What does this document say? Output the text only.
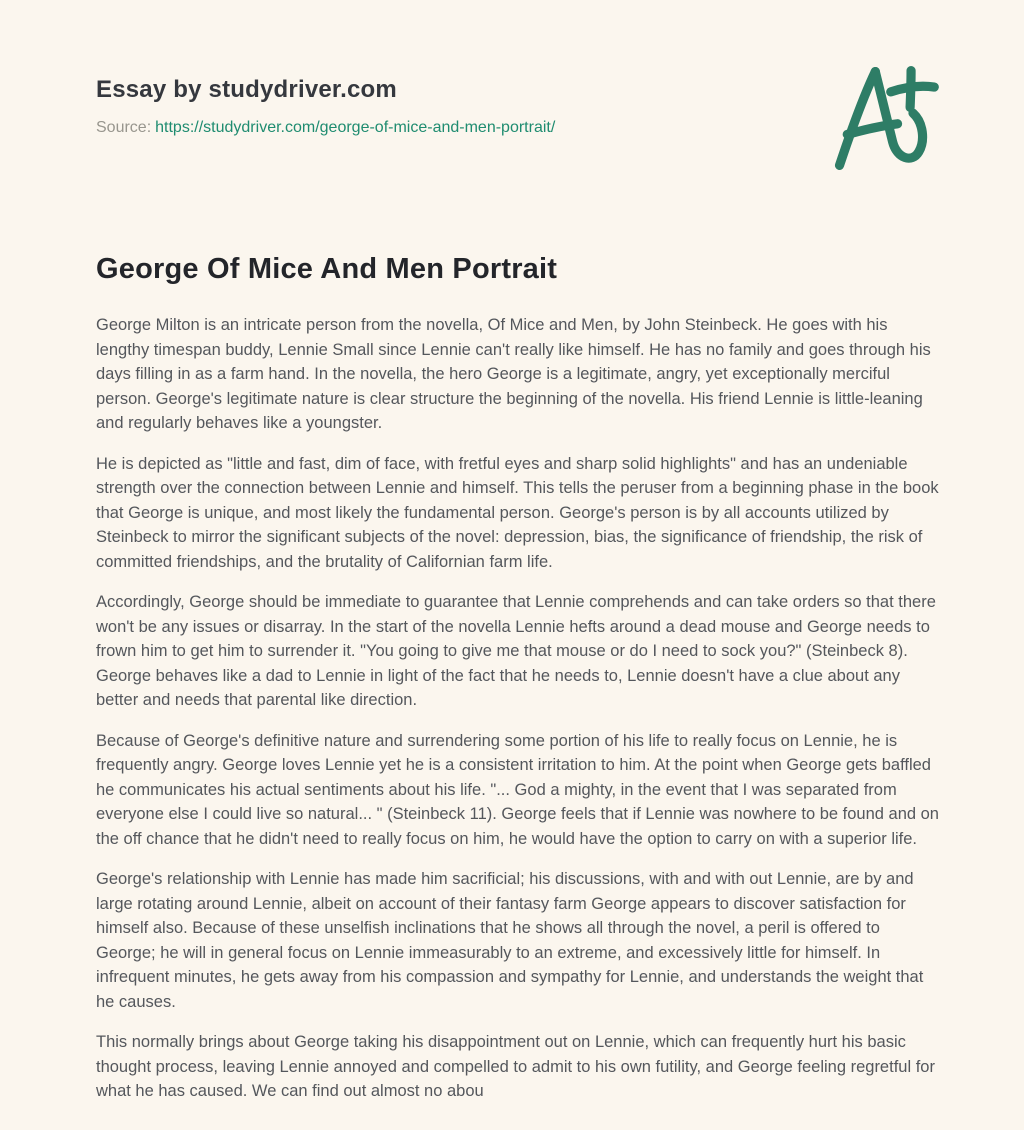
Essay by studydriver.com

Source: https://studydriver.com/george-of-mice-and-men-portrait/

George Of Mice And Men Portrait

George Milton is an intricate person from the novella, Of Mice and Men, by John Steinbeck. He goes with his lengthy timespan buddy, Lennie Small since Lennie can't really like himself. He has no family and goes through his days filling in as a farm hand. In the novella, the hero George is a legitimate, angry, yet exceptionally merciful person. George's legitimate nature is clear structure the beginning of the novella. His friend Lennie is little-leaning and regularly behaves like a youngster.

He is depicted as "little and fast, dim of face, with fretful eyes and sharp solid highlights" and has an undeniable strength over the connection between Lennie and himself. This tells the peruser from a beginning phase in the book that George is unique, and most likely the fundamental person. George's person is by all accounts utilized by Steinbeck to mirror the significant subjects of the novel: depression, bias, the significance of friendship, the risk of committed friendships, and the brutality of Californian farm life.

Accordingly, George should be immediate to guarantee that Lennie comprehends and can take orders so that there won't be any issues or disarray. In the start of the novella Lennie hefts around a dead mouse and George needs to frown him to get him to surrender it. "You going to give me that mouse or do I need to sock you?" (Steinbeck 8). George behaves like a dad to Lennie in light of the fact that he needs to, Lennie doesn't have a clue about any better and needs that parental like direction.

Because of George's definitive nature and surrendering some portion of his life to really focus on Lennie, he is frequently angry. George loves Lennie yet he is a consistent irritation to him. At the point when George gets baffled he communicates his actual sentiments about his life. "... God a mighty, in the event that I was separated from everyone else I could live so natural... " (Steinbeck 11). George feels that if Lennie was nowhere to be found and on the off chance that he didn't need to really focus on him, he would have the option to carry on with a superior life.

George's relationship with Lennie has made him sacrificial; his discussions, with and with out Lennie, are by and large rotating around Lennie, albeit on account of their fantasy farm George appears to discover satisfaction for himself also. Because of these unselfish inclinations that he shows all through the novel, a peril is offered to George; he will in general focus on Lennie immeasurably to an extreme, and excessively little for himself. In infrequent minutes, he gets away from his compassion and sympathy for Lennie, and understands the weight that he causes.

This normally brings about George taking his disappointment out on Lennie, which can frequently hurt his basic thought process, leaving Lennie annoyed and compelled to admit to his own futility, and George feeling regretful for what he has caused. We can find out almost no abou
